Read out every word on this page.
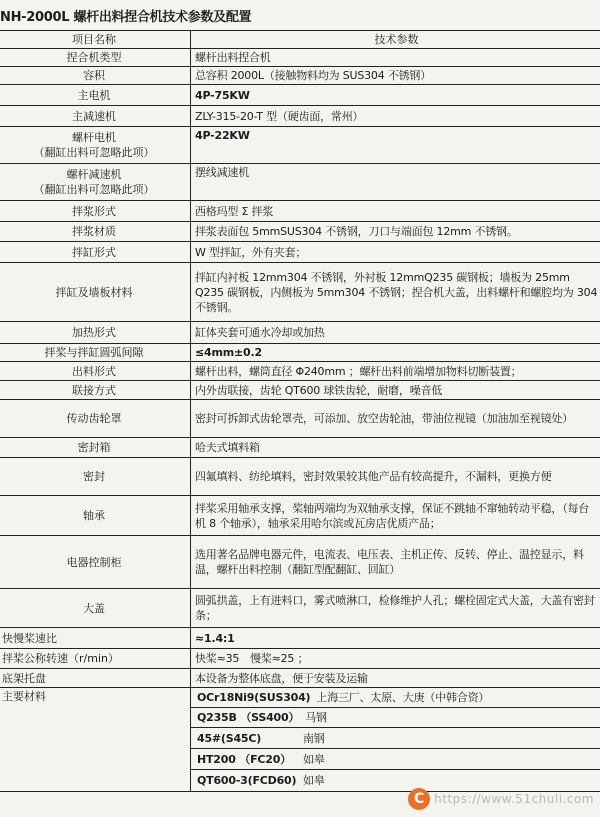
NH-2000L 螺杆出料捏合机技术参数及配置
项目名称	技术参数
捏合机类型	螺杆出料捏合机
容积	总容积 2000L（接触物料均为 SUS304 不锈钢）
主电机	4P-75KW
主减速机	ZLY-315-20-T 型（硬齿面，常州）

螺杆电机
（翻缸出料可忽略此项）	4P-22KW

螺杆减速机
（翻缸出料可忽略此项）	摆线减速机
拌浆形式	西格玛型 Σ 拌浆
拌浆材质	拌浆表面包 5mmSUS304 不锈钢，刀口与端面包 12mm 不锈钢。
拌缸形式	W 型拌缸，外有夹套；
拌缸及墙板材料	拌缸内衬板 12mm304 不锈钢，外衬板 12mmQ235 碳钢板；墙板为 25mm Q235 碳钢板，内侧板为 5mm304 不锈钢；捏合机大盖，出料螺杆和螺腔均为 304 不锈钢。
加热形式	缸体夹套可通水冷却或加热
拌桨与拌缸圆弧间隙	≤4mm±0.2
出料形式	螺杆出料，螺筒直径 Φ240mm ；螺杆出料前端增加物料切断装置；
联接方式	内外齿联接，齿轮 QT600 球铁齿轮，耐磨，噪音低
传动齿轮罩	密封可拆卸式齿轮罩壳，可添加、放空齿轮油，带油位视镜（加油加至视镜处）
密封箱	哈夫式填料箱
密封	四氟填料、纺纶填料，密封效果较其他产品有较高提升，不漏料，更换方便
轴承	拌桨采用轴承支撑，桨轴两端均为双轴承支撑，保证不跳轴不窜轴转动平稳，（每台机 8 个轴承），轴承采用哈尔滨或瓦房店优质产品；
电器控制柜	选用著名品牌电器元件，电流表、电压表、主机正传、反转、停止、温控显示，料温，螺杆出料控制（翻缸型配翻缸、回缸）
大盖	圆弧拱盖，上有进料口，雾式喷淋口，检修维护人孔；螺栓固定式大盖，大盖有密封条；
快慢桨速比	≈1.4:1
拌桨公称转速（r/min）	快桨≈35　慢桨≈25 ；
底架托盘	本设备为整体底盘，便于安装及运输
主要材料	OCr18Ni9(SUS304) 上海三厂、太原、大庚（中韩合资）
	Q235B （SS400） 马钢
	45#(S45C) 南钢
	HT200 （FC20） 如皋
	QT600-3(FCD60) 如皋
C https://www.51chuli.com
